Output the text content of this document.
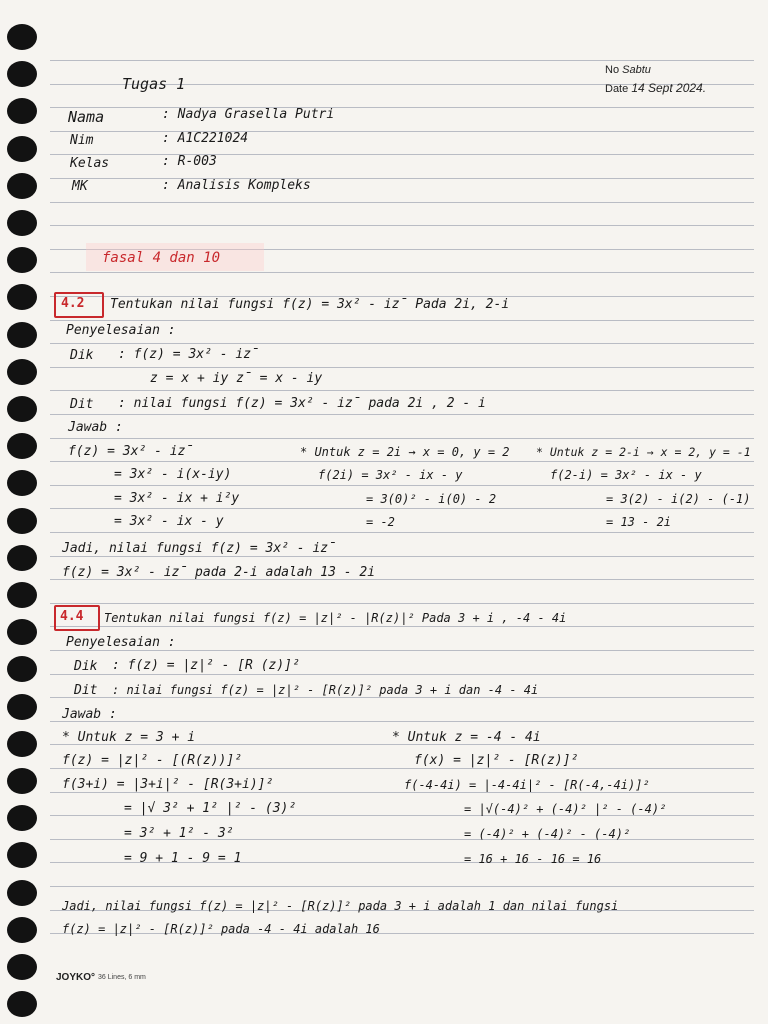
No Sabtu
Date 14 Sept 2024.
Tugas 1
Nama	: Nadya Grasella Putri
Nim	: A1C221024
Kelas	: R-003
MK	: Analisis Kompleks
fasal 4 dan 10
4.2 Tentukan nilai fungsi f(z) = 3x² - iz̄ Pada 2i, 2-i
Penyelesaian :
Dik : f(z) = 3x² - iz̄
z = x + iy z̄ = x - iy
Dit : nilai fungsi f(z) = 3x² - iz̄ pada 2i , 2 - i
Jawab :
f(z) = 3x² - iz̄
= 3x² - i(x-iy)
= 3x² - ix + i²y
= 3x² - ix - y
* Untuk z = 2i → x = 0, y = 2
f(2i) = 3x² - ix - y
= 3(0)² - i(0) - 2
= -2
* Untuk z = 2-i → x = 2, y = -1
f(2-i) = 3x² - ix - y
= 3(2) - i(2) - (-1)
= 13 - 2i
Jadi, nilai fungsi f(z) = 3x² - iz̄
f(z) = 3x² - iz̄ pada 2-i adalah 13 - 2i
4.4 Tentukan nilai fungsi f(z) = |z|² - |R(z)|² Pada 3 + i , -4 - 4i
Penyelesaian :
Dik : f(z) = |z|² - [R (z)]²
Dit : nilai fungsi f(z) = |z|² - [R(z)]² pada 3 + i dan -4 - 4i
Jawab :
* Untuk z = 3 + i
f(z) = |z|² - [(R(z))]²
f(3+i) = |3+i|² - [R(3+i)]²
= |√ 3² + 1² |² - (3)²
= 3² + 1² - 3²
= 9 + 1 - 9 = 1
* Untuk z = -4 - 4i
f(x) = |z|² - [R(z)]²
f(-4-4i) = |-4-4i|² - [R(-4,-4i)]²
= |√(-4)² + (-4)² |² - (-4)²
= (-4)² + (-4)² - (-4)²
= 16 + 16 - 16 = 16
Jadi, nilai fungsi f(z) = |z|² - [R(z)]² pada 3 + i adalah 1 dan nilai fungsi
f(z) = |z|² - [R(z)]² pada -4 - 4i adalah 16
JOYKO° 36 Lines, 6 mm
